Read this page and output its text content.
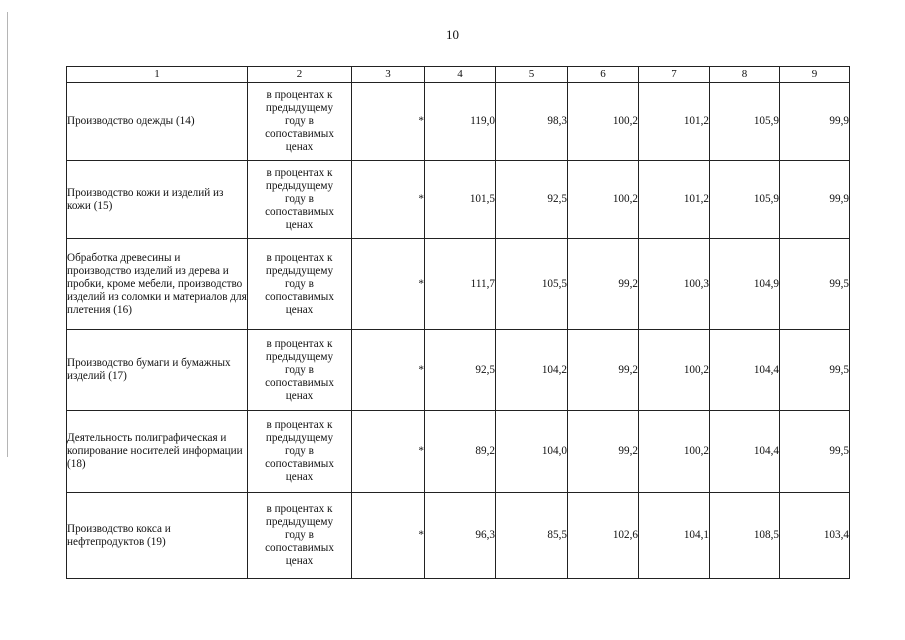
10
1	2	3	4	5	6	7	8	9
Производство одежды (14)	в процентах к
предыдущему
году в
сопоставимых
ценах	*	119,0	98,3	100,2	101,2	105,9	99,9
Производство кожи и изделий из кожи (15)	в процентах к
предыдущему
году в
сопоставимых
ценах	*	101,5	92,5	100,2	101,2	105,9	99,9
Обработка древесины и производство изделий из дерева и пробки, кроме мебели, производство изделий из соломки и материалов для плетения (16)	в процентах к
предыдущему
году в
сопоставимых
ценах	*	111,7	105,5	99,2	100,3	104,9	99,5
Производство бумаги и бумажных изделий (17)	в процентах к
предыдущему
году в
сопоставимых
ценах	*	92,5	104,2	99,2	100,2	104,4	99,5
Деятельность полиграфическая и копирование носителей информации (18)	в процентах к
предыдущему
году в
сопоставимых
ценах	*	89,2	104,0	99,2	100,2	104,4	99,5
Производство кокса и нефтепродуктов (19)	в процентах к
предыдущему
году в
сопоставимых
ценах	*	96,3	85,5	102,6	104,1	108,5	103,4
